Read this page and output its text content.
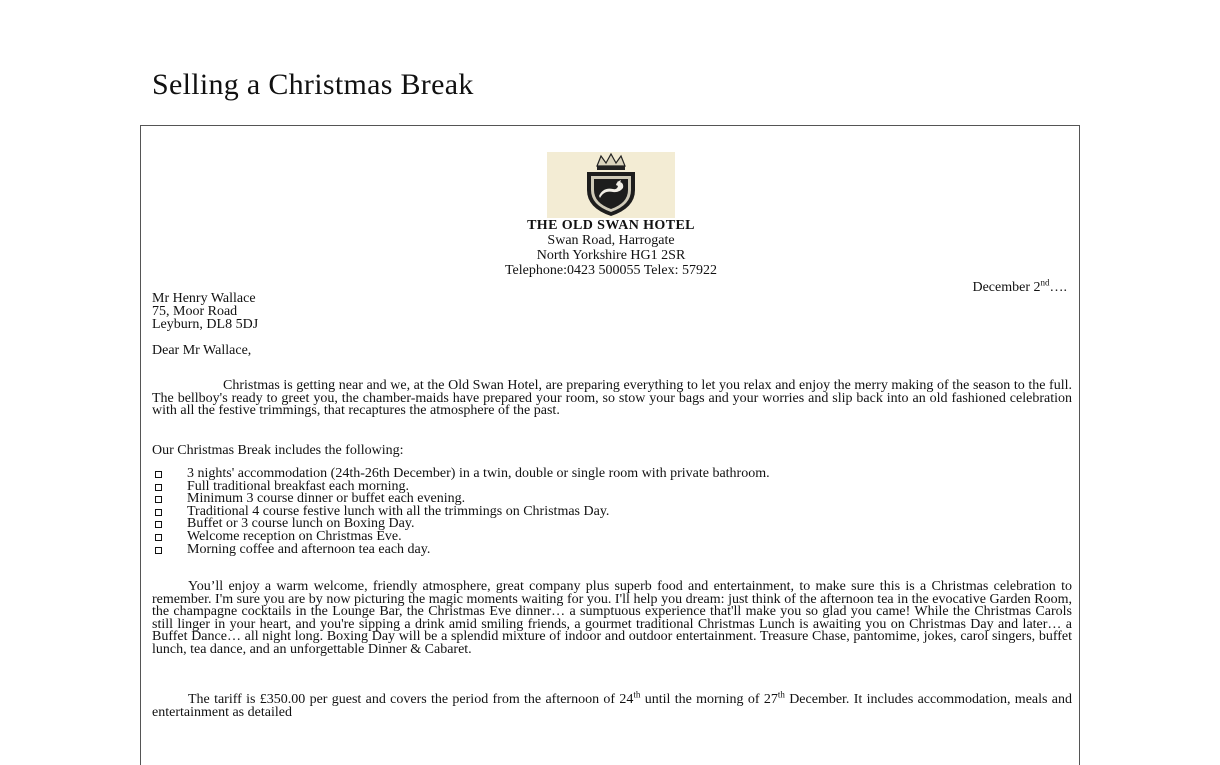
Selling a Christmas Break
THE OLD SWAN HOTEL
Swan Road, Harrogate
North Yorkshire HG1 2SR
Telephone:0423 500055 Telex: 57922
December 2nd….
Mr Henry Wallace
75, Moor Road
Leyburn, DL8 5DJ
Dear Mr Wallace,
Christmas is getting near and we, at the Old Swan Hotel, are preparing everything to let you relax and enjoy the merry making of the season to the full. The bellboy's ready to greet you, the chamber-maids have prepared your room, so stow your bags and your worries and slip back into an old fashioned celebration with all the festive trimmings, that recaptures the atmosphere of the past.
Our Christmas Break includes the following:
3 nights' accommodation (24th-26th December) in a twin, double or single room with private bathroom.
Full traditional breakfast each morning.
Minimum 3 course dinner or buffet each evening.
Traditional 4 course festive lunch with all the trimmings on Christmas Day.
Buffet or 3 course lunch on Boxing Day.
Welcome reception on Christmas Eve.
Morning coffee and afternoon tea each day.
You’ll enjoy a warm welcome, friendly atmosphere, great company plus superb food and entertainment, to make sure this is a Christmas celebration to remember. I'm sure you are by now picturing the magic moments waiting for you. I'll help you dream: just think of the afternoon tea in the evocative Garden Room, the champagne cocktails in the Lounge Bar, the Christmas Eve dinner… a sumptuous experience that'll make you so glad you came! While the Christmas Carols still linger in your heart, and you're sipping a drink amid smiling friends, a gourmet traditional Christmas Lunch is awaiting you on Christmas Day and later… a Buffet Dance… all night long. Boxing Day will be a splendid mixture of indoor and outdoor entertainment. Treasure Chase, pantomime, jokes, carol singers, buffet lunch, tea dance, and an unforgettable Dinner & Cabaret.
The tariff is £350.00 per guest and covers the period from the afternoon of 24th until the morning of 27th December. It includes accommodation, meals and entertainment as detailed
